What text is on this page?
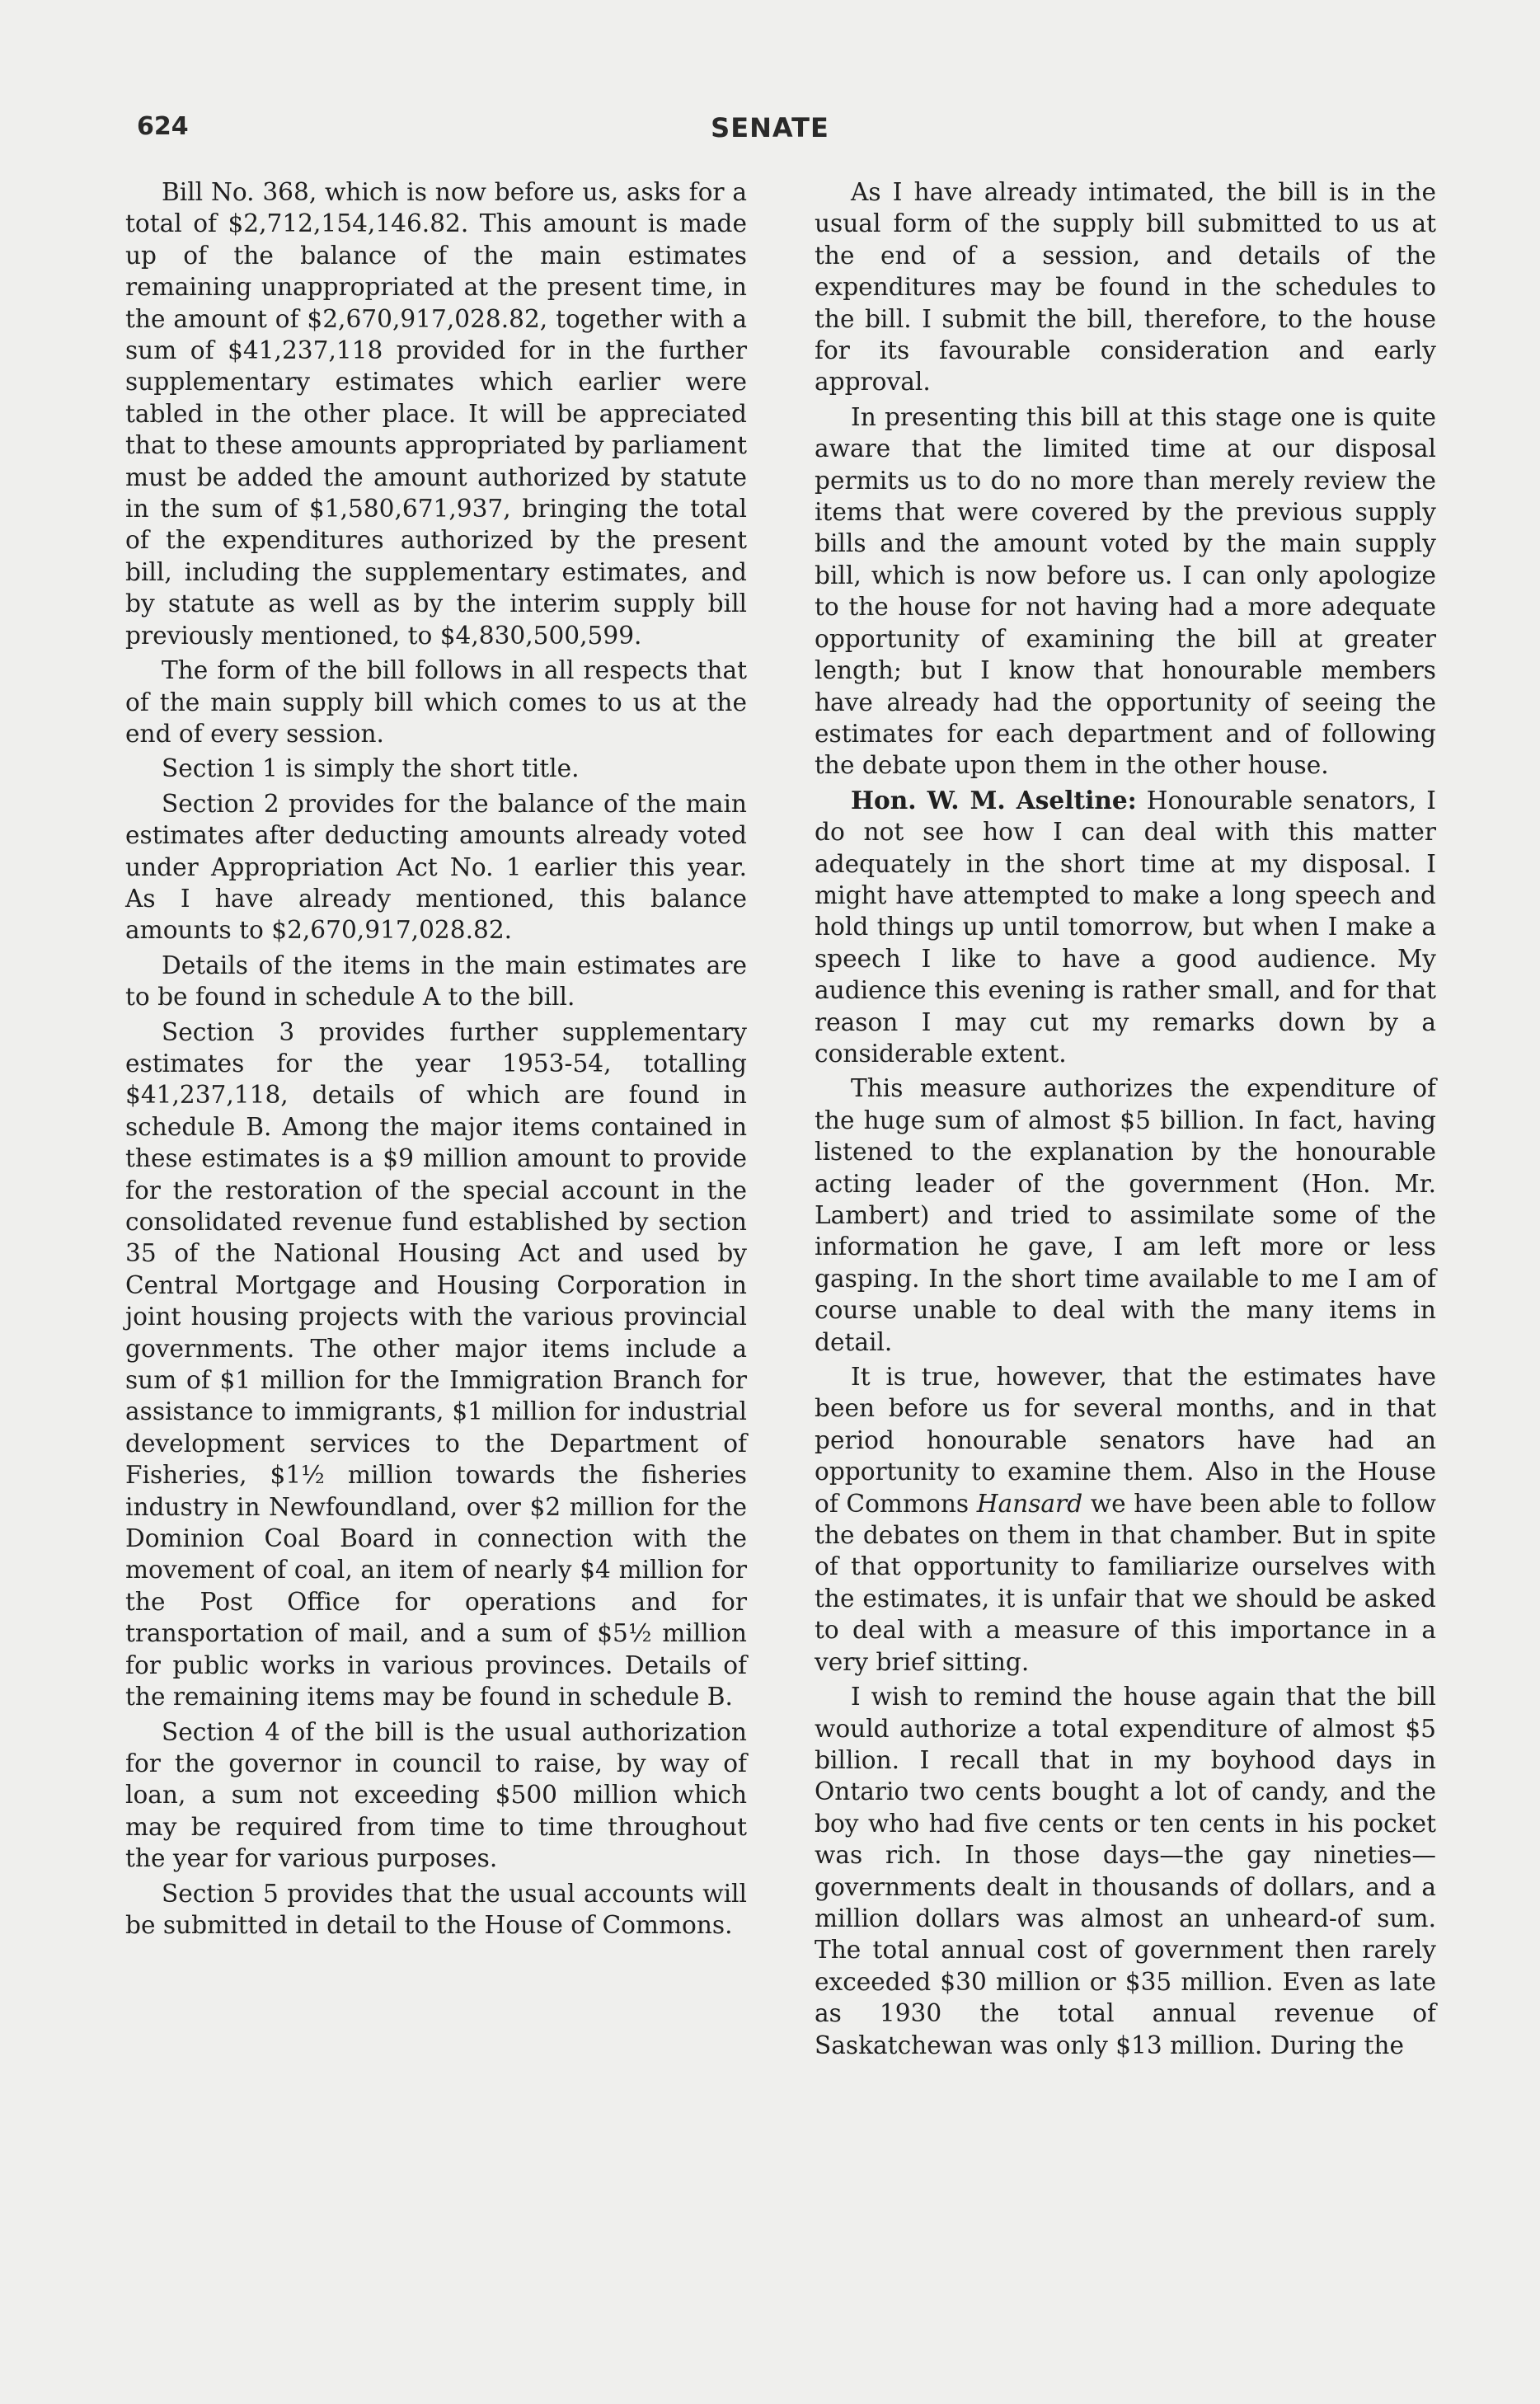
624	SENATE

Bill No. 368, which is now before us, asks for a total of $2,712,154,146.82. This amount is made up of the balance of the main estimates remaining unappropriated at the present time, in the amount of $2,670,917,028.82, together with a sum of $41,237,118 provided for in the further supplementary estimates which earlier were tabled in the other place. It will be appreciated that to these amounts appropriated by parliament must be added the amount authorized by statute in the sum of $1,580,671,937, bringing the total of the expenditures authorized by the present bill, including the supplementary estimates, and by statute as well as by the interim supply bill previously mentioned, to $4,830,500,599.

The form of the bill follows in all respects that of the main supply bill which comes to us at the end of every session.

Section 1 is simply the short title.

Section 2 provides for the balance of the main estimates after deducting amounts already voted under Appropriation Act No. 1 earlier this year. As I have already mentioned, this balance amounts to $2,670,917,028.82.

Details of the items in the main estimates are to be found in schedule A to the bill.

Section 3 provides further supplementary estimates for the year 1953-54, totalling $41,237,118, details of which are found in schedule B. Among the major items contained in these estimates is a $9 million amount to provide for the restoration of the special account in the consolidated revenue fund established by section 35 of the National Housing Act and used by Central Mortgage and Housing Corporation in joint housing projects with the various provincial governments. The other major items include a sum of $1 million for the Immigration Branch for assistance to immigrants, $1 million for industrial development services to the Department of Fisheries, $1½ million towards the fisheries industry in Newfoundland, over $2 million for the Dominion Coal Board in connection with the movement of coal, an item of nearly $4 million for the Post Office for operations and for transportation of mail, and a sum of $5½ million for public works in various provinces. Details of the remaining items may be found in schedule B.

Section 4 of the bill is the usual authorization for the governor in council to raise, by way of loan, a sum not exceeding $500 million which may be required from time to time throughout the year for various purposes.

Section 5 provides that the usual accounts will be submitted in detail to the House of Commons.

As I have already intimated, the bill is in the usual form of the supply bill submitted to us at the end of a session, and details of the expenditures may be found in the schedules to the bill. I submit the bill, therefore, to the house for its favourable consideration and early approval.

In presenting this bill at this stage one is quite aware that the limited time at our disposal permits us to do no more than merely review the items that were covered by the previous supply bills and the amount voted by the main supply bill, which is now before us. I can only apologize to the house for not having had a more adequate opportunity of examining the bill at greater length; but I know that honourable members have already had the opportunity of seeing the estimates for each department and of following the debate upon them in the other house.

Hon. W. M. Aseltine: Honourable senators, I do not see how I can deal with this matter adequately in the short time at my disposal. I might have attempted to make a long speech and hold things up until tomorrow, but when I make a speech I like to have a good audience. My audience this evening is rather small, and for that reason I may cut my remarks down by a considerable extent.

This measure authorizes the expenditure of the huge sum of almost $5 billion. In fact, having listened to the explanation by the honourable acting leader of the government (Hon. Mr. Lambert) and tried to assimilate some of the information he gave, I am left more or less gasping. In the short time available to me I am of course unable to deal with the many items in detail.

It is true, however, that the estimates have been before us for several months, and in that period honourable senators have had an opportunity to examine them. Also in the House of Commons Hansard we have been able to follow the debates on them in that chamber. But in spite of that opportunity to familiarize ourselves with the estimates, it is unfair that we should be asked to deal with a measure of this importance in a very brief sitting.

I wish to remind the house again that the bill would authorize a total expenditure of almost $5 billion. I recall that in my boyhood days in Ontario two cents bought a lot of candy, and the boy who had five cents or ten cents in his pocket was rich. In those days—the gay nineties—governments dealt in thousands of dollars, and a million dollars was almost an unheard-of sum. The total annual cost of government then rarely exceeded $30 million or $35 million. Even as late as 1930 the total annual revenue of Saskatchewan was only $13 million. During the
